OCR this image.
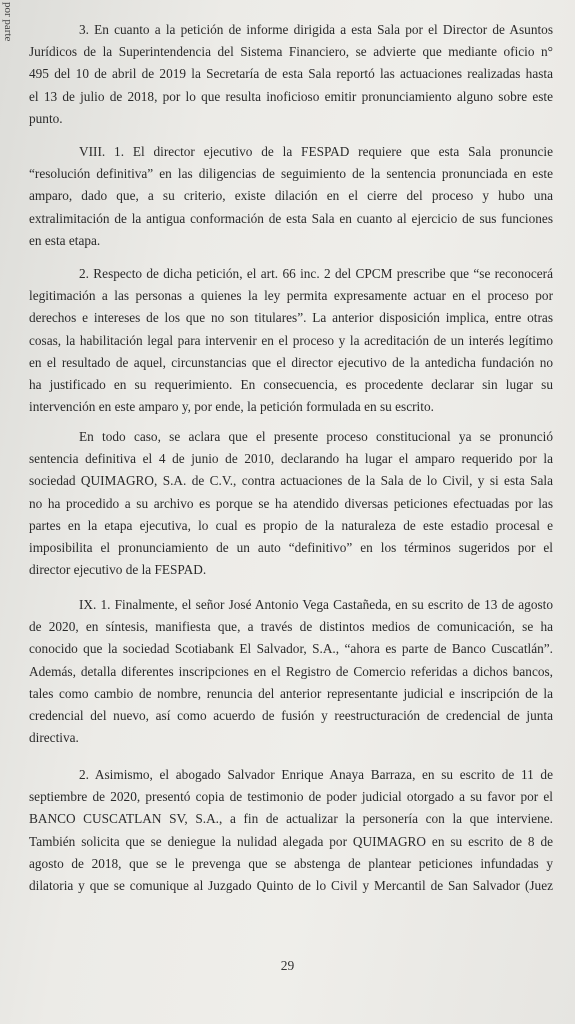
por parte	3. En cuanto a la petición de informe dirigida a esta Sala por el Director de Asuntos
Jurídicos de la Superintendencia del Sistema Financiero, se advierte que mediante oficio n°
495 del 10 de abril de 2019 la Secretaría de esta Sala reportó las actuaciones realizadas hasta
el 13 de julio de 2018, por lo que resulta inoficioso emitir pronunciamiento alguno sobre este
punto.
VIII. 1. El director ejecutivo de la FESPAD requiere que esta Sala pronuncie
“resolución definitiva” en las diligencias de seguimiento de la sentencia pronunciada en este
amparo, dado que, a su criterio, existe dilación en el cierre del proceso y hubo una
extralimitación de la antigua conformación de esta Sala en cuanto al ejercicio de sus funciones
en esta etapa.
2. Respecto de dicha petición, el art. 66 inc. 2 del CPCM prescribe que “se reconocerá
legitimación a las personas a quienes la ley permita expresamente actuar en el proceso por
derechos e intereses de los que no son titulares”. La anterior disposición implica, entre otras
cosas, la habilitación legal para intervenir en el proceso y la acreditación de un interés legítimo
en el resultado de aquel, circunstancias que el director ejecutivo de la antedicha fundación no
ha justificado en su requerimiento. En consecuencia, es procedente declarar sin lugar su
intervención en este amparo y, por ende, la petición formulada en su escrito.
En todo caso, se aclara que el presente proceso constitucional ya se pronunció
sentencia definitiva el 4 de junio de 2010, declarando ha lugar el amparo requerido por la
sociedad QUIMAGRO, S.A. de C.V., contra actuaciones de la Sala de lo Civil, y si esta Sala
no ha procedido a su archivo es porque se ha atendido diversas peticiones efectuadas por las
partes en la etapa ejecutiva, lo cual es propio de la naturaleza de este estadio procesal e
imposibilita el pronunciamiento de un auto “definitivo” en los términos sugeridos por el
director ejecutivo de la FESPAD.
IX. 1. Finalmente, el señor José Antonio Vega Castañeda, en su escrito de 13 de agosto
de 2020, en síntesis, manifiesta que, a través de distintos medios de comunicación, se ha
conocido que la sociedad Scotiabank El Salvador, S.A., “ahora es parte de Banco Cuscatlán”.
Además, detalla diferentes inscripciones en el Registro de Comercio referidas a dichos bancos,
tales como cambio de nombre, renuncia del anterior representante judicial e inscripción de la
credencial del nuevo, así como acuerdo de fusión y reestructuración de credencial de junta
directiva.
2. Asimismo, el abogado Salvador Enrique Anaya Barraza, en su escrito de 11 de
septiembre de 2020, presentó copia de testimonio de poder judicial otorgado a su favor por el
BANCO CUSCATLAN SV, S.A., a fin de actualizar la personería con la que interviene.
También solicita que se deniegue la nulidad alegada por QUIMAGRO en su escrito de 8 de
agosto de 2018, que se le prevenga que se abstenga de plantear peticiones infundadas y
dilatoria y que se comunique al Juzgado Quinto de lo Civil y Mercantil de San Salvador (Juez
29
